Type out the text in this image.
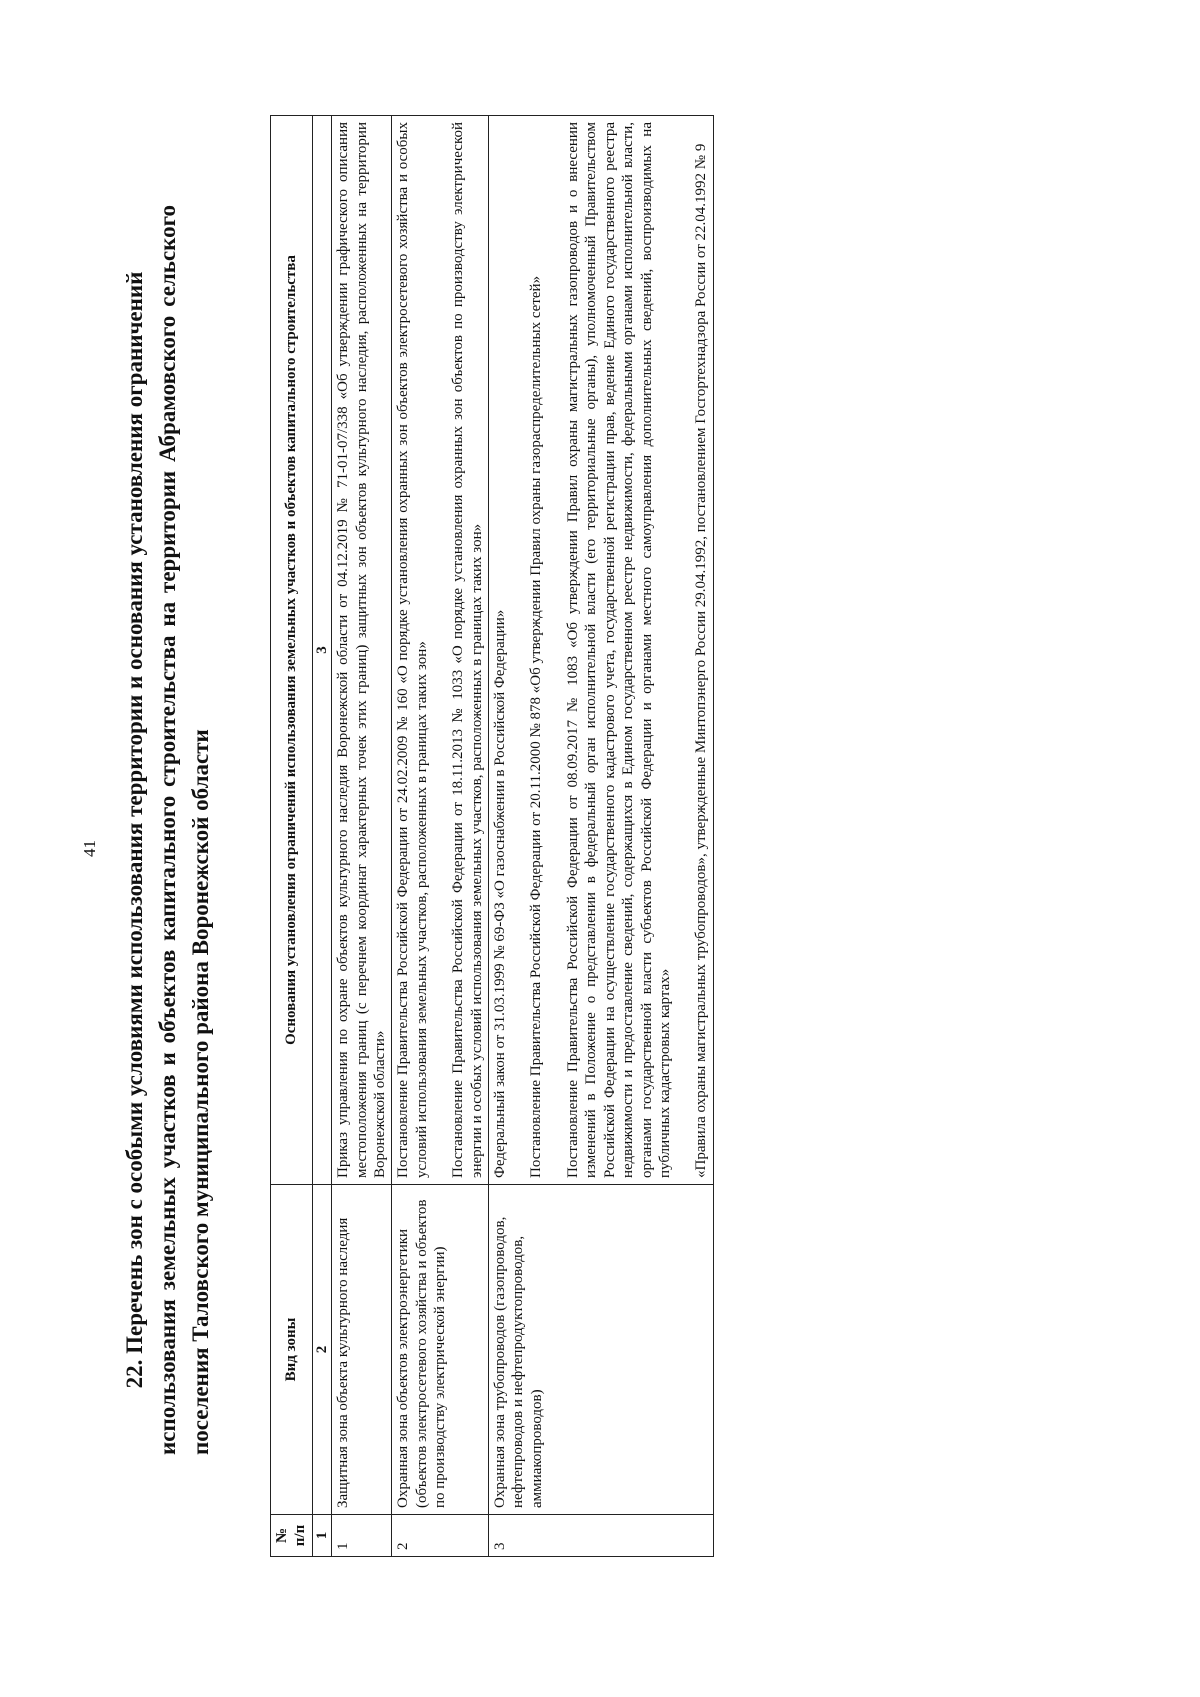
41 22. Перечень зон с особыми условиями использования территории и основания установления ограничений использования земельных участков и объектов капитального строительства на территории Абрамовского сельского поселения Таловского муниципального района Воронежской области
№ п/п	Вид зоны	Основания установления ограничений использования земельных участков и объектов капитального строительства
1	2	3
1	Защитная зона объекта культурного наследия	Приказ управления по охране объектов культурного наследия Воронежской области от 04.12.2019 № 71-01-07/338 «Об утверждении графического описания местоположения границ (с перечнем координат характерных точек этих границ) защитных зон объектов культурного наследия, расположенных на территории Воронежской области»

2	Охранная зона объектов электроэнергетики (объектов электросетевого хозяйства и объектов по производству электрической энергии)	Постановление Правительства Российской Федерации от 24.02.2009 № 160 «О порядке установления охранных зон объектов электросетевого хозяйства и особых условий использования земельных участков, расположенных в границах таких зон» Постановление Правительства Российской Федерации от 18.11.2013 № 1033 «О порядке установления охранных зон объектов по производству электрической энергии и особых условий использования земельных участков, расположенных в границах таких зон»

3	Охранная зона трубопроводов (газопроводов, нефтепроводов и нефтепродуктопроводов, аммиакопроводов)	Федеральный закон от 31.03.1999 № 69-ФЗ «О газоснабжении в Российской Федерации» Постановление Правительства Российской Федерации от 20.11.2000 № 878 «Об утверждении Правил охраны газораспределительных сетей» Постановление Правительства Российской Федерации от 08.09.2017 № 1083 «Об утверждении Правил охраны магистральных газопроводов и о внесении изменений в Положение о представлении в федеральный орган исполнительной власти (его территориальные органы), уполномоченный Правительством Российской Федерации на осуществление государственного кадастрового учета, государственной регистрации прав, ведение Единого государственного реестра недвижимости и предоставление сведений, содержащихся в Едином государственном реестре недвижимости, федеральными органами исполнительной власти, органами государственной власти субъектов Российской Федерации и органами местного самоуправления дополнительных сведений, воспроизводимых на публичных кадастровых картах» «Правила охраны магистральных трубопроводов», утвержденные Минтопэнерго России 29.04.1992, постановлением Госгортехнадзора России от 22.04.1992 № 9
